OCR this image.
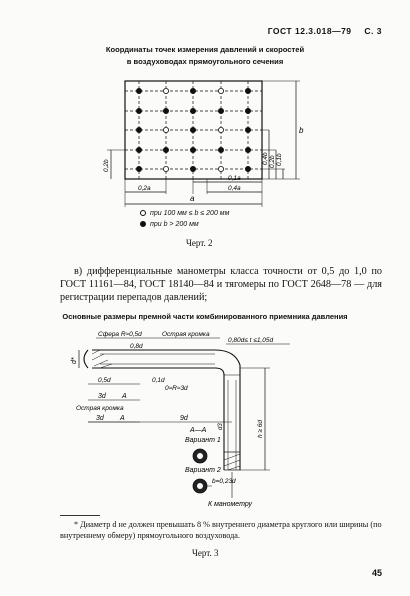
ГОСТ 12.3.018—79 С. 3
Координаты точек измерения давлений и скоростей
в воздуховодах прямоугольного сечения
0,2b	0,1b
0,2b
0,4b
b
0,2a
0,1a
0,4a
a
при 100 мм ≤ b ≤ 200 мм
при b > 200 мм
Черт. 2
в) дифференциальные манометры класса точности от 0,5 до 1,0 по ГОСТ 11161—84, ГОСТ 18140—84 и тягомеры по ГОСТ 2648—78 — для регистрации перепадов давлений;
Основные размеры премной части комбинированного приемника давления
Сфера R≈0,5d	Острая кромка
0,8d
0,80d≤ t ≤1,05d
d*
0,5d	0,1d
0≈R≈3d
3d A
Острая кромка
3d A	9d
h ≥ 6d
d3
А—А
Вариант 1
Вариант 2
b=0,23d
К манометру
Черт. 3
* Диаметр d не должен превышать 8 % внутреннего диаметра круглого или ширины (по внутреннему обмеру) прямоугольного воздуховода.
45
